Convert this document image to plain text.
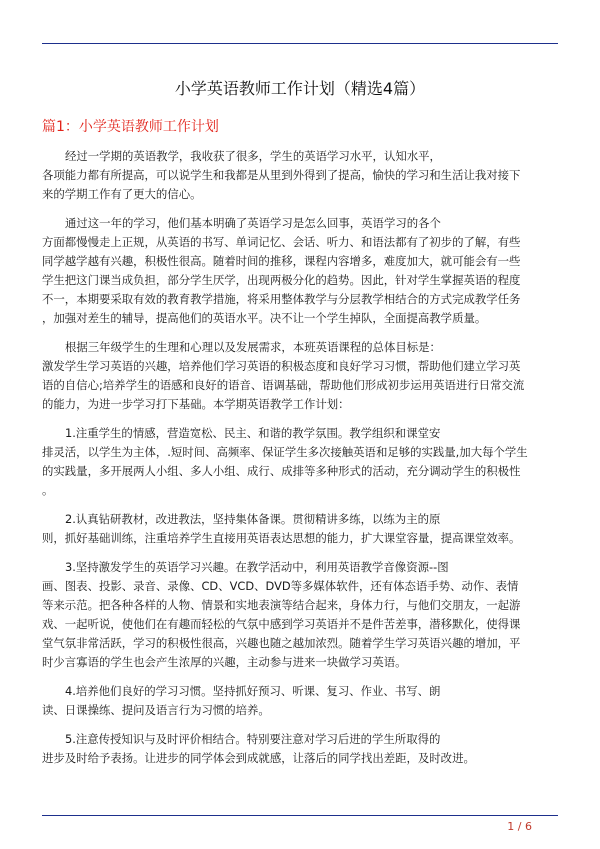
小学英语教师工作计划（精选4篇）
篇1：小学英语教师工作计划
经过一学期的英语教学，我收获了很多，学生的英语学习水平，认知水平，
各项能力都有所提高，可以说学生和我都是从里到外得到了提高，愉快的学习和生活让我对接下
来的学期工作有了更大的信心。
通过这一年的学习，他们基本明确了英语学习是怎么回事，英语学习的各个
方面都慢慢走上正规，从英语的书写、单词记忆、会话、听力、和语法都有了初步的了解，有些
同学越学越有兴趣，积极性很高。随着时间的推移，课程内容增多，难度加大，就可能会有一些
学生把这门课当成负担，部分学生厌学，出现两极分化的趋势。因此，针对学生掌握英语的程度
不一，本期要采取有效的教育教学措施，将采用整体教学与分层教学相结合的方式完成教学任务
，加强对差生的辅导，提高他们的英语水平。决不让一个学生掉队，全面提高教学质量。
根据三年级学生的生理和心理以及发展需求，本班英语课程的总体目标是：
激发学生学习英语的兴趣，培养他们学习英语的积极态度和良好学习习惯，帮助他们建立学习英
语的自信心;培养学生的语感和良好的语音、语调基础，帮助他们形成初步运用英语进行日常交流
的能力，为进一步学习打下基础。本学期英语教学工作计划：
1.注重学生的情感，营造宽松、民主、和谐的教学氛围。教学组织和课堂安
排灵活，以学生为主体，.短时间、高频率、保证学生多次接触英语和足够的实践量,加大每个学生
的实践量，多开展两人小组、多人小组、成行、成排等多种形式的活动，充分调动学生的积极性
。
2.认真钻研教材，改进教法，坚持集体备课。贯彻精讲多练，以练为主的原
则，抓好基础训练，注重培养学生直接用英语表达思想的能力，扩大课堂容量，提高课堂效率。
3.坚持激发学生的英语学习兴趣。在教学活动中，利用英语教学音像资源--图
画、图表、投影、录音、录像、CD、VCD、DVD等多媒体软件，还有体态语手势、动作、表情
等来示范。把各种各样的人物、情景和实地表演等结合起来，身体力行，与他们交朋友，一起游
戏、一起听说，使他们在有趣而轻松的气氛中感到学习英语并不是件苦差事，潜移默化，使得课
堂气氛非常活跃，学习的积极性很高，兴趣也随之越加浓烈。随着学生学习英语兴趣的增加，平
时少言寡语的学生也会产生浓厚的兴趣，主动参与进来一块做学习英语。
4.培养他们良好的学习习惯。坚持抓好预习、听课、复习、作业、书写、朗
读、日课操练、提问及语言行为习惯的培养。
5.注意传授知识与及时评价相结合。特别要注意对学习后进的学生所取得的
进步及时给予表扬。让进步的同学体会到成就感，让落后的同学找出差距，及时改进。
1 / 6
